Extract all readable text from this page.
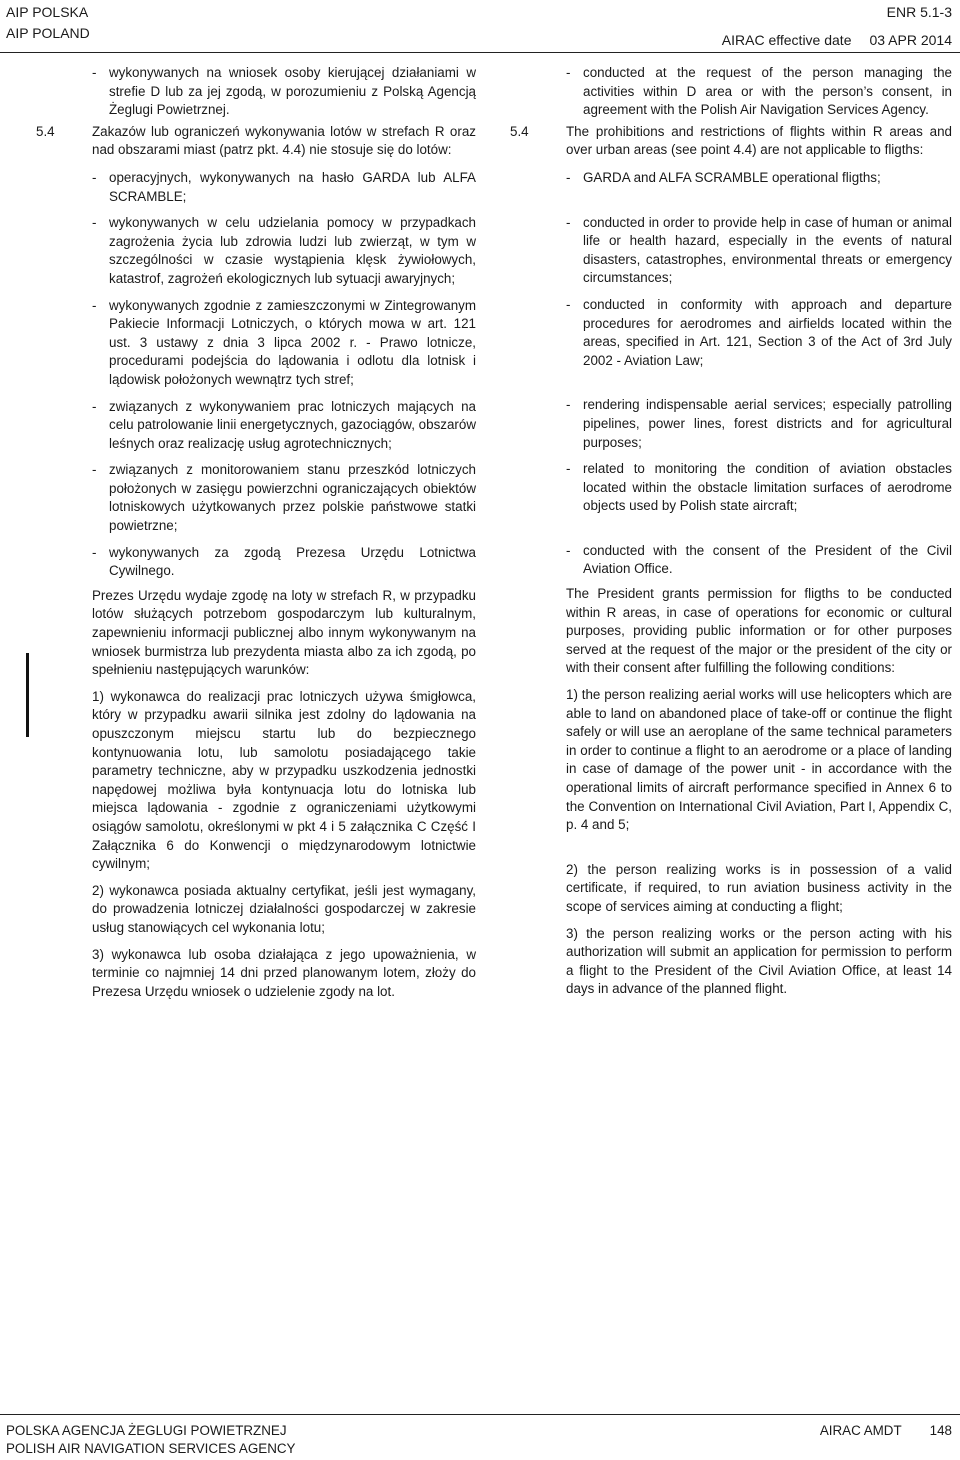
AIP POLSKA
AIP POLAND
ENR 5.1-3
AIRAC effective date 03 APR 2014

- wykonywanych na wniosek osoby kierującej działaniami w strefie D lub za jej zgodą, w porozumieniu z Polską Agencją Żeglugi Powietrznej.

5.4	Zakazów lub ograniczeń wykonywania lotów w strefach R oraz nad obszarami miast (patrz pkt. 4.4) nie stosuje się do lotów:

- operacyjnych, wykonywanych na hasło GARDA lub ALFA SCRAMBLE;

- wykonywanych w celu udzielania pomocy w przypadkach zagrożenia życia lub zdrowia ludzi lub zwierząt, w tym w szczególności w czasie wystąpienia klęsk żywiołowych, katastrof, zagrożeń ekologicznych lub sytuacji awaryjnych;

- wykonywanych zgodnie z zamieszczonymi w Zintegrowanym Pakiecie Informacji Lotniczych, o których mowa w art. 121 ust. 3 ustawy z dnia 3 lipca 2002 r. - Prawo lotnicze, procedurami podejścia do lądowania i odlotu dla lotnisk i lądowisk położonych wewnątrz tych stref;

- związanych z wykonywaniem prac lotniczych mających na celu patrolowanie linii energetycznych, gazociągów, obszarów leśnych oraz realizację usług agrotechnicznych;

- związanych z monitorowaniem stanu przeszkód lotniczych położonych w zasięgu powierzchni ograniczających obiektów lotniskowych użytkowanych przez polskie państwowe statki powietrzne;

- wykonywanych za zgodą Prezesa Urzędu Lotnictwa Cywilnego.

Prezes Urzędu wydaje zgodę na loty w strefach R, w przypadku lotów służących potrzebom gospodarczym lub kulturalnym, zapewnieniu informacji publicznej albo innym wykonywanym na wniosek burmistrza lub prezydenta miasta albo za ich zgodą, po spełnieniu następujących warunków:

1) wykonawca do realizacji prac lotniczych używa śmigłowca, który w przypadku awarii silnika jest zdolny do lądowania na opuszczonym miejscu startu lub do bezpiecznego kontynuowania lotu, lub samolotu posiadającego takie parametry techniczne, aby w przypadku uszkodzenia jednostki napędowej możliwa była kontynuacja lotu do lotniska lub miejsca lądowania - zgodnie z ograniczeniami użytkowymi osiągów samolotu, określonymi w pkt 4 i 5 załącznika C Część I Załącznika 6 do Konwencji o międzynarodowym lotnictwie cywilnym;

2) wykonawca posiada aktualny certyfikat, jeśli jest wymagany, do prowadzenia lotniczej działalności gospodarczej w zakresie usług stanowiących cel wykonania lotu;

3) wykonawca lub osoba działająca z jego upoważnienia, w terminie co najmniej 14 dni przed planowanym lotem, złoży do Prezesa Urzędu wniosek o udzielenie zgody na lot.

- conducted at the request of the person managing the activities within D area or with the person’s consent, in agreement with the Polish Air Navigation Services Agency.

5.4	The prohibitions and restrictions of flights within R areas and over urban areas (see point 4.4) are not applicable to fligths:

- GARDA and ALFA SCRAMBLE operational fligths;

- conducted in order to provide help in case of human or animal life or health hazard, especially in the events of natural disasters, catastrophes, environmental threats or emergency circumstances;

- conducted in conformity with approach and departure procedures for aerodromes and airfields located within the areas, specified in Art. 121, Section 3 of the Act of 3rd July 2002 - Aviation Law;

- rendering indispensable aerial services; especially patrolling pipelines, power lines, forest districts and for agricultural purposes;

- related to monitoring the condition of aviation obstacles located within the obstacle limitation surfaces of aerodrome objects used by Polish state aircraft;

- conducted with the consent of the President of the Civil Aviation Office.

The President grants permission for fligths to be conducted within R areas, in case of operations for economic or cultural purposes, providing public information or for other purposes served at the request of the major or the president of the city or with their consent after fulfilling the following conditions:

1) the person realizing aerial works will use helicopters which are able to land on abandoned place of take-off or continue the flight safely or will use an aeroplane of the same technical parameters in order to continue a flight to an aerodrome or a place of landing in case of damage of the power unit - in accordance with the operational limits of aircraft performance specified in Annex 6 to the Convention on International Civil Aviation, Part I, Appendix C, p. 4 and 5;

2) the person realizing works is in possession of a valid certificate, if required, to run aviation business activity in the scope of services aiming at conducting a flight;

3) the person realizing works or the person acting with his authorization will submit an application for permission to perform a flight to the President of the Civil Aviation Office, at least 14 days in advance of the planned flight.

POLSKA AGENCJA ŻEGLUGI POWIETRZNEJ
POLISH AIR NAVIGATION SERVICES AGENCY
AIRAC AMDT 148
